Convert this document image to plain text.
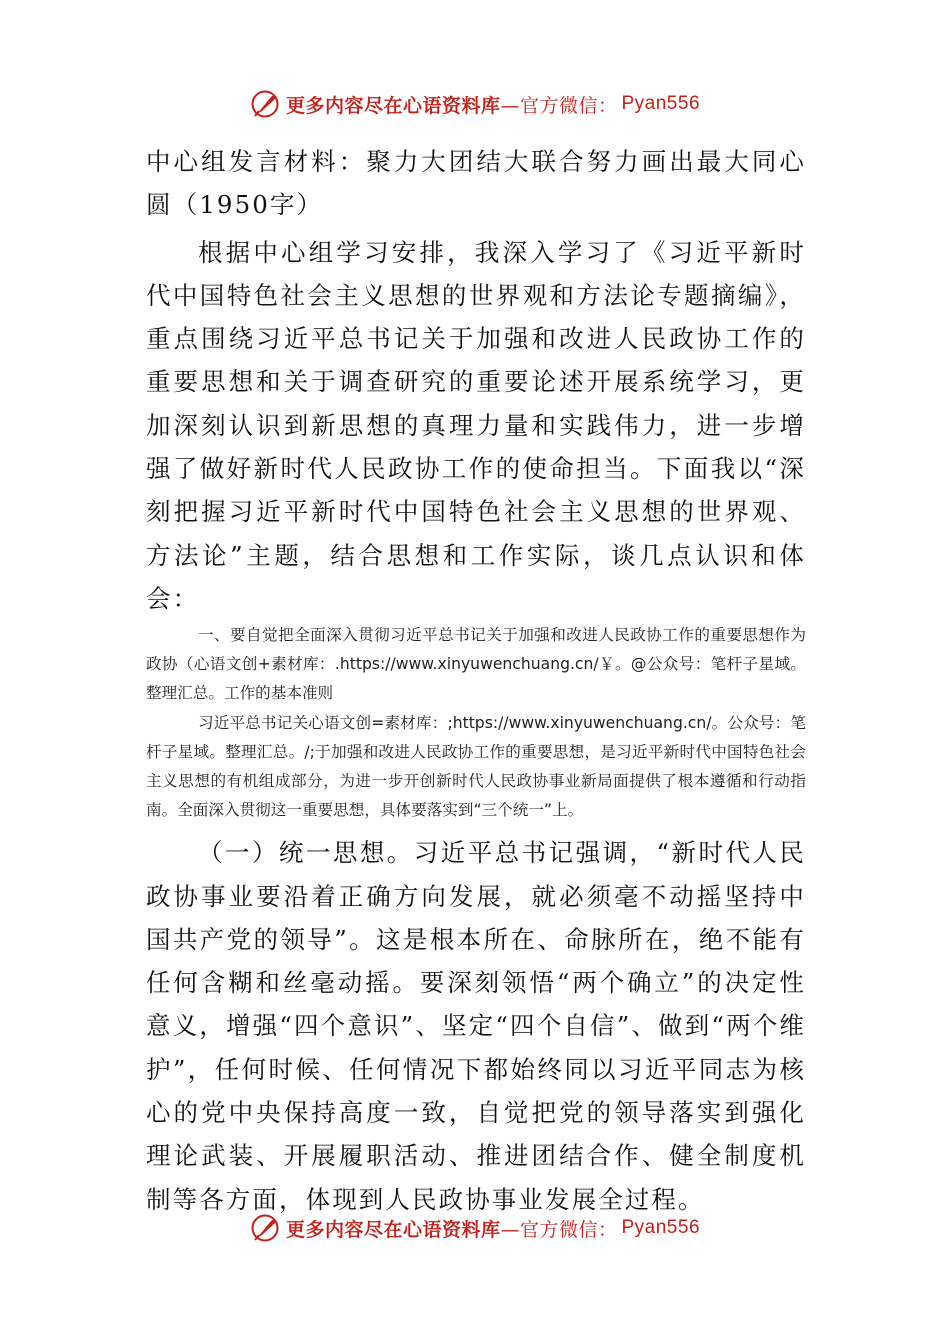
更多内容尽在心语资料库 —官方微信： Pyan556

中心组发言材料：聚力大团结大联合努力画出最大同心圆（1950字）

根据中心组学习安排，我深入学习了《习近平新时代中国特色社会主义思想的世界观和方法论专题摘编》，重点围绕习近平总书记关于加强和改进人民政协工作的重要思想和关于调查研究的重要论述开展系统学习，更加深刻认识到新思想的真理力量和实践伟力，进一步增强了做好新时代人民政协工作的使命担当。下面我以“深刻把握习近平新时代中国特色社会主义思想的世界观、方法论”主题，结合思想和工作实际，谈几点认识和体会：

一、要自觉把全面深入贯彻习近平总书记关于加强和改进人民政协工作的重要思想作为政协（心语文创+素材库：.https://www.xinyuwenchuang.cn/￥。@公众号：笔杆子星域。整理汇总。工作的基本准则

习近平总书记关心语文创=素材库：;https://www.xinyuwenchuang.cn/。公众号：笔杆子星域。整理汇总。/;于加强和改进人民政协工作的重要思想，是习近平新时代中国特色社会主义思想的有机组成部分，为进一步开创新时代人民政协事业新局面提供了根本遵循和行动指南。全面深入贯彻这一重要思想，具体要落实到“三个统一”上。

（一）统一思想。习近平总书记强调，“新时代人民政协事业要沿着正确方向发展，就必须毫不动摇坚持中国共产党的领导”。这是根本所在、命脉所在，绝不能有任何含糊和丝毫动摇。要深刻领悟“两个确立”的决定性意义，增强“四个意识”、坚定“四个自信”、做到“两个维护”，任何时候、任何情况下都始终同以习近平同志为核心的党中央保持高度一致，自觉把党的领导落实到强化理论武装、开展履职活动、推进团结合作、健全制度机制等各方面，体现到人民政协事业发展全过程。

更多内容尽在心语资料库 —官方微信： Pyan556
